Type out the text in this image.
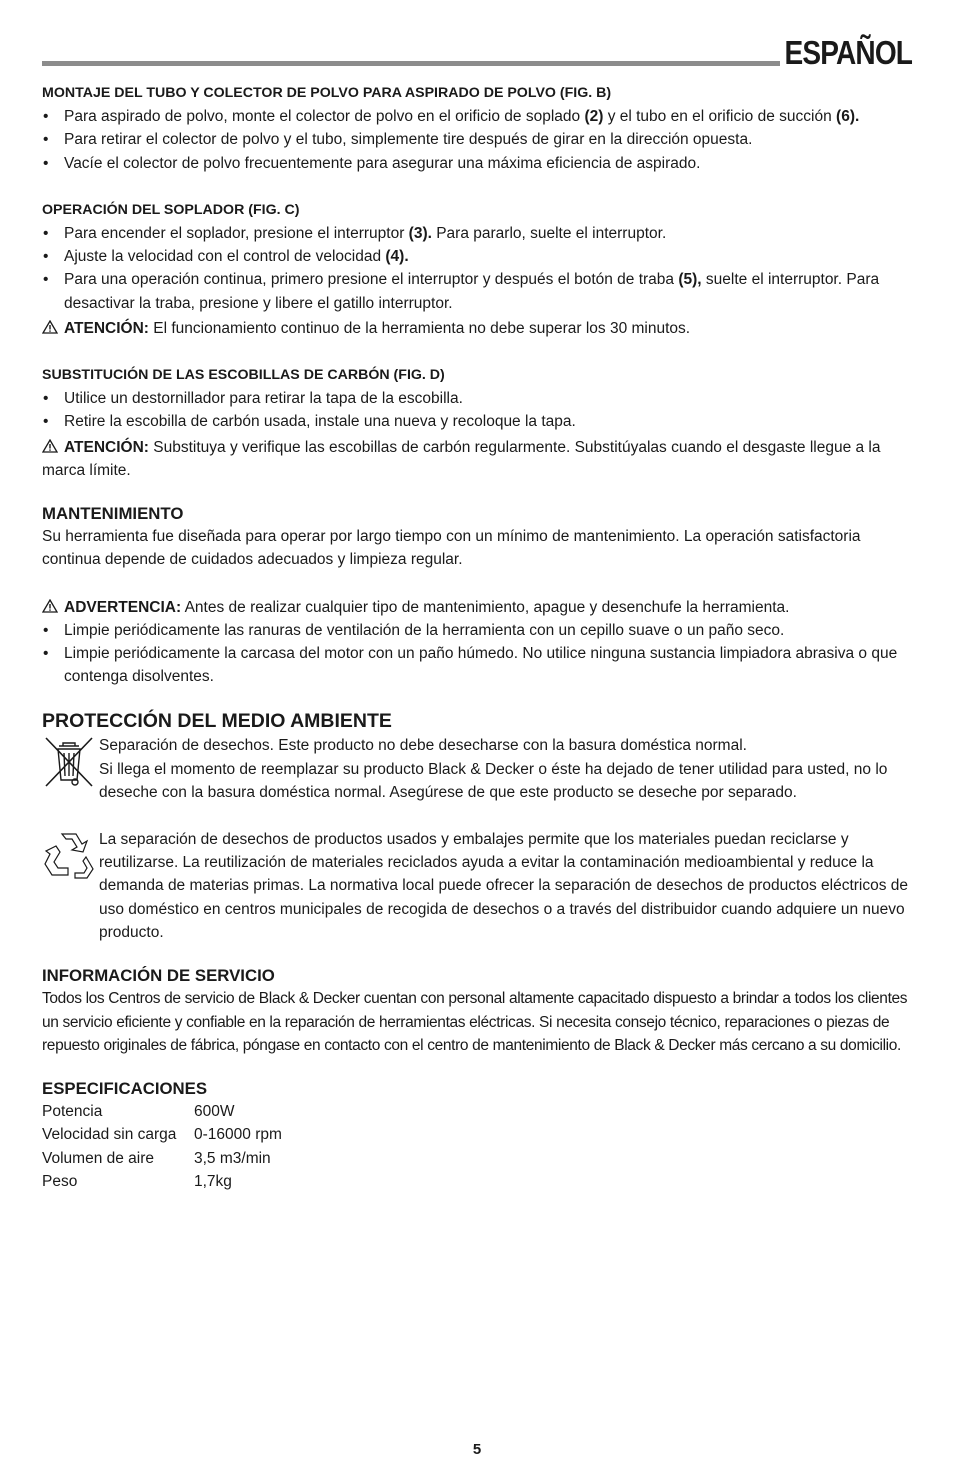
ESPAÑOL

MONTAJE DEL TUBO Y COLECTOR DE POLVO PARA ASPIRADO DE POLVO (FIG. B)

• Para aspirado de polvo, monte el colector de polvo en el orificio de soplado (2) y el tubo en el orificio de succión (6).
• Para retirar el colector de polvo y el tubo, simplemente tire después de girar en la dirección opuesta.
• Vacíe el colector de polvo frecuentemente para asegurar una máxima eficiencia de aspirado.

OPERACIÓN DEL SOPLADOR (FIG. C)

• Para encender el soplador, presione el interruptor (3). Para pararlo, suelte el interruptor.
• Ajuste la velocidad con el control de velocidad (4).
• Para una operación continua, primero presione el interruptor y después el botón de traba (5), suelte el interruptor. Para desactivar la traba, presione y libere el gatillo interruptor.

ATENCIÓN: El funcionamiento continuo de la herramienta no debe superar los 30 minutos.

SUBSTITUCIÓN DE LAS ESCOBILLAS DE CARBÓN (FIG. D)

• Utilice un destornillador para retirar la tapa de la escobilla.
• Retire la escobilla de carbón usada, instale una nueva y recoloque la tapa.

ATENCIÓN: Substituya y verifique las escobillas de carbón regularmente. Substitúyalas cuando el desgaste llegue a la marca límite.

MANTENIMIENTO

Su herramienta fue diseñada para operar por largo tiempo con un mínimo de mantenimiento. La operación satisfactoria continua depende de cuidados adecuados y limpieza regular.

ADVERTENCIA: Antes de realizar cualquier tipo de mantenimiento, apague y desenchufe la herramienta.

• Limpie periódicamente las ranuras de ventilación de la herramienta con un cepillo suave o un paño seco.
• Limpie periódicamente la carcasa del motor con un paño húmedo. No utilice ninguna sustancia limpiadora abrasiva o que contenga disolventes.

PROTECCIÓN DEL MEDIO AMBIENTE

Separación de desechos. Este producto no debe desecharse con la basura doméstica normal.

Si llega el momento de reemplazar su producto Black & Decker o éste ha dejado de tener utilidad para usted, no lo deseche con la basura doméstica normal. Asegúrese de que este producto se deseche por separado.

La separación de desechos de productos usados y embalajes permite que los materiales puedan reciclarse y reutilizarse. La reutilización de materiales reciclados ayuda a evitar la contaminación medioambiental y reduce la demanda de materias primas. La normativa local puede ofrecer la separación de desechos de productos eléctricos de uso doméstico en centros municipales de recogida de desechos o a través del distribuidor cuando adquiere un nuevo producto.

INFORMACIÓN DE SERVICIO

Todos los Centros de servicio de Black & Decker cuentan con personal altamente capacitado dispuesto a brindar a todos los clientes un servicio eficiente y confiable en la reparación de herramientas eléctricas. Si necesita consejo técnico, reparaciones o piezas de repuesto originales de fábrica, póngase en contacto con el centro de mantenimiento de Black & Decker más cercano a su domicilio.

ESPECIFICACIONES

Potencia	600W
Velocidad sin carga	0-16000 rpm
Volumen de aire	3,5 m3/min
Peso	1,7kg
5
